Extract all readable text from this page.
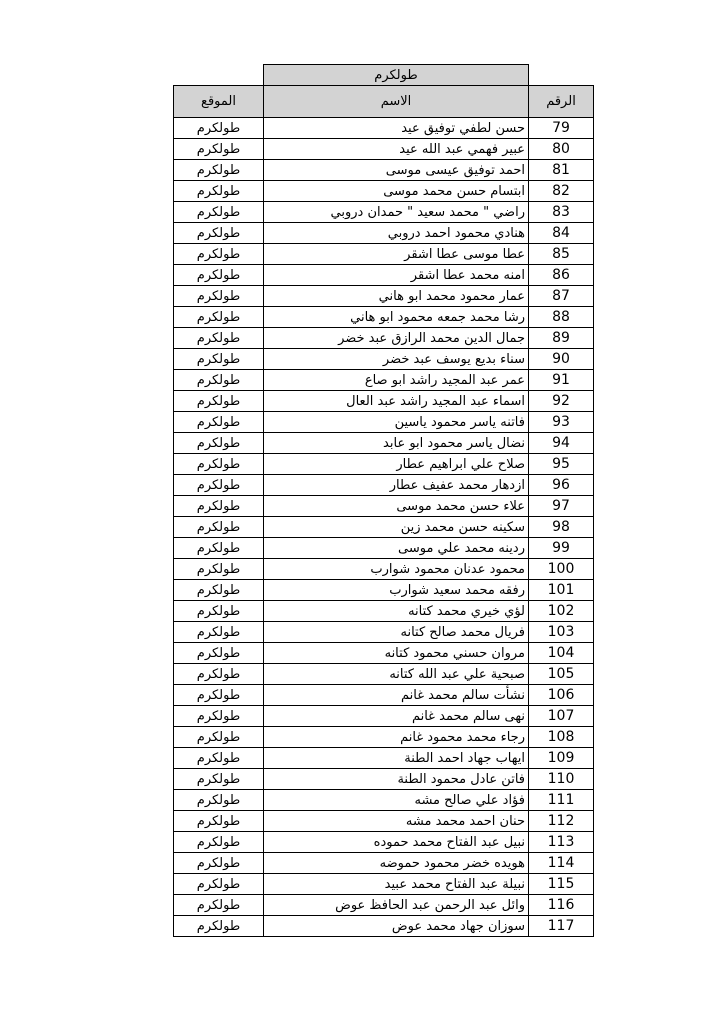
	طولكرم	
الرقم	الاسم	الموقع
79	حسن لطفي توفيق عيد	طولكرم
80	عبير فهمي عبد الله عيد	طولكرم
81	احمد توفيق عيسى موسى	طولكرم
82	ابتسام حسن محمد موسى	طولكرم
83	راضي " محمد سعيد " حمدان دروبي	طولكرم
84	هنادي محمود احمد دروبي	طولكرم
85	عطا موسى عطا اشقر	طولكرم
86	امنه محمد عطا اشقر	طولكرم
87	عمار محمود محمد ابو هاني	طولكرم
88	رشا محمد جمعه محمود ابو هاني	طولكرم
89	جمال الدين محمد الرازق عبد خضر	طولكرم
90	سناء بديع يوسف عبد خضر	طولكرم
91	عمر عبد المجيد راشد ابو صاع	طولكرم
92	اسماء عبد المجيد راشد عبد العال	طولكرم
93	فاتنه ياسر محمود ياسين	طولكرم
94	نضال ياسر محمود ابو عابد	طولكرم
95	صلاح علي ابراهيم عطار	طولكرم
96	ازدهار محمد عفيف عطار	طولكرم
97	علاء حسن محمد موسى	طولكرم
98	سكينه حسن محمد زين	طولكرم
99	ردينه محمد علي موسى	طولكرم
100	محمود عدنان محمود شوارب	طولكرم
101	رفقه محمد سعيد شوارب	طولكرم
102	لؤي خيري محمد كتانه	طولكرم
103	فريال محمد صالح كتانه	طولكرم
104	مروان حسني محمود كتانه	طولكرم
105	صبحية علي عبد الله كتانه	طولكرم
106	نشأت سالم محمد غانم	طولكرم
107	نهى سالم محمد غانم	طولكرم
108	رجاء محمد محمود غانم	طولكرم
109	ايهاب جهاد احمد الطنة	طولكرم
110	فاتن عادل محمود الطنة	طولكرم
111	فؤاد علي صالح مشه	طولكرم
112	حنان احمد محمد مشه	طولكرم
113	نبيل عبد الفتاح محمد حموده	طولكرم
114	هويده خضر محمود حموضه	طولكرم
115	نبيلة عبد الفتاح محمد عبيد	طولكرم
116	وائل عبد الرحمن عبد الحافظ عوض	طولكرم
117	سوزان جهاد محمد عوض	طولكرم
